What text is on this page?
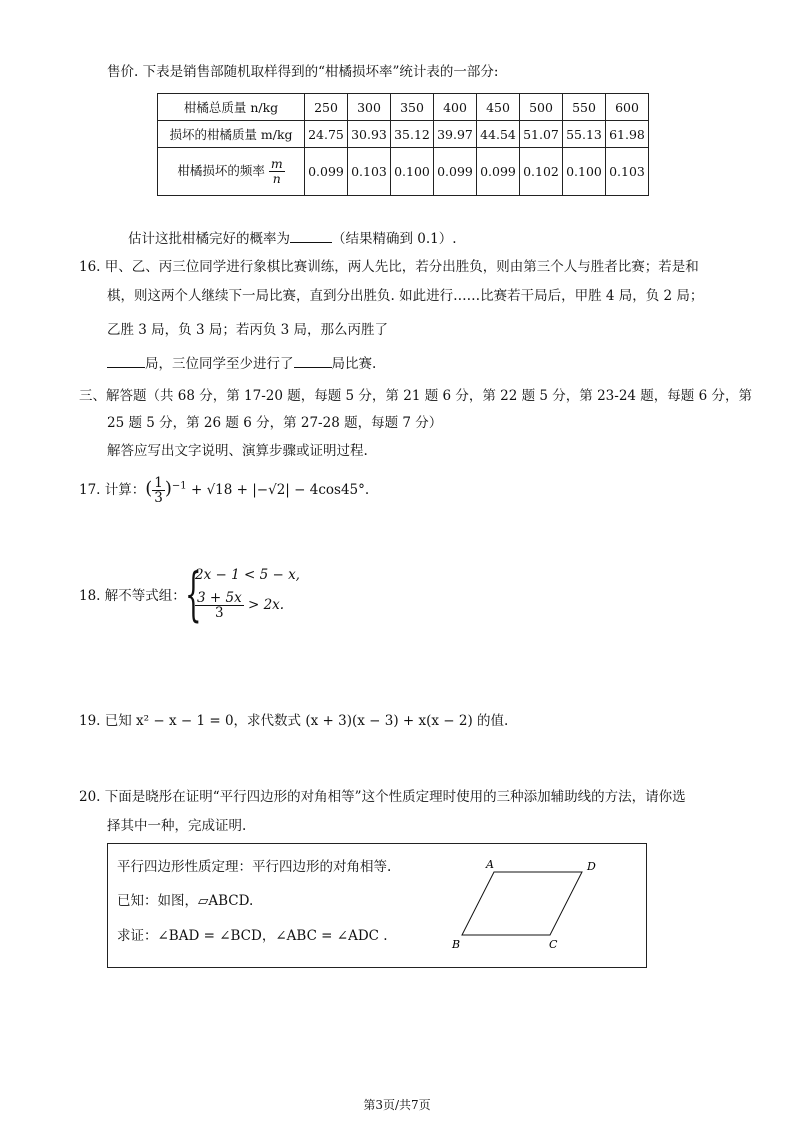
售价. 下表是销售部随机取样得到的“柑橘损坏率”统计表的一部分:
柑橘总质量 n/kg	250	300	350	400	450	500	550	600
损坏的柑橘质量 m/kg	24.75	30.93	35.12	39.97	44.54	51.07	55.13	61.98
柑橘损坏的频率 $\frac{m}{n}$	0.099	0.103	0.100	0.099	0.099	0.102	0.100	0.103
估计这批柑橘完好的概率为	（结果精确到 0.1）.
16. 甲、乙、丙三位同学进行象棋比赛训练，两人先比，若分出胜负，则由第三个人与胜者比赛；若是和
棋，则这两个人继续下一局比赛，直到分出胜负. 如此进行……比赛若干局后，甲胜 4 局，负 2 局；
乙胜 3 局，负 3 局；若丙负 3 局，那么丙胜了
局，三位同学至少进行了	局比赛.
三、解答题（共 68 分，第 17-20 题，每题 5 分，第 21 题 6 分，第 22 题 5 分，第 23-24 题，每题 6 分，第
25 题 5 分，第 26 题 6 分，第 27-28 题，每题 7 分）
解答应写出文字说明、演算步骤或证明过程.
17. 计算：( $\frac{1}{3} )^{-1} + √18 + |-√2| - 4\cos 45^\circ$.
18. 解不等式组： {
2x − 1 < 5 − x,
$\frac{3 + 5x}{3} > 2x$.
19. 已知 x² − x − 1 = 0，求代数式 (x + 3)(x − 3) + x(x − 2) 的值.
20. 下面是晓彤在证明“平行四边形的对角相等”这个性质定理时使用的三种添加辅助线的方法，请你选
择其中一种，完成证明.
平行四边形性质定理：平行四边形的对角相等.
已知：如图，▱ABCD.
求证：∠BAD = ∠BCD，∠ABC = ∠ADC .
A	D
B	C
第3页/共7页
